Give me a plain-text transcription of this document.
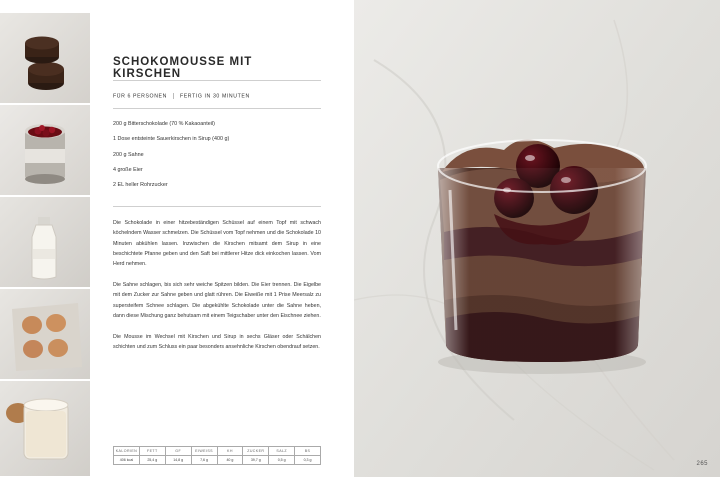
SCHOKOMOUSSE MIT KIRSCHEN
FÜR 6 PERSONEN	FERTIG IN 30 MINUTEN
200 g Bitterschokolade (70 % Kakaoanteil)
1 Dose entsteinte Sauerkirschen in Sirup (400 g)
200 g Sahne
4 große Eier
2 EL heller Rohrzucker

Die Schokolade in einer hitzebeständigen Schüssel auf einem Topf mit schwach köchelndem Wasser schmelzen. Die Schüssel vom Topf nehmen und die Schokolade 10 Minuten abkühlen lassen. Inzwischen die Kirschen mitsamt dem Sirup in eine beschichtete Pfanne geben und den Saft bei mittlerer Hitze dick einkochen lassen. Vom Herd nehmen.

Die Sahne schlagen, bis sich sehr weiche Spitzen bilden. Die Eier trennen. Die Eigelbe mit dem Zucker zur Sahne geben und glatt rühren. Die Eiweiße mit 1 Prise Meersalz zu supersteifem Schnee schlagen. Die abgekühlte Schokolade unter die Sahne heben, dann diese Mischung ganz behutsam mit einem Teigschaber unter den Eischnee ziehen.

Die Mousse im Wechsel mit Kirschen und Sirup in sechs Gläser oder Schälchen schichten und zum Schluss ein paar besonders ansehnliche Kirschen obendrauf setzen.

KALORIEN	FETT	GF	EIWEISS	KH	ZUCKER	SALZ	BS
406 kcal	25,4 g	14,8 g	7,6 g	40 g	39,7 g	0,5 g	0,3 g
265
